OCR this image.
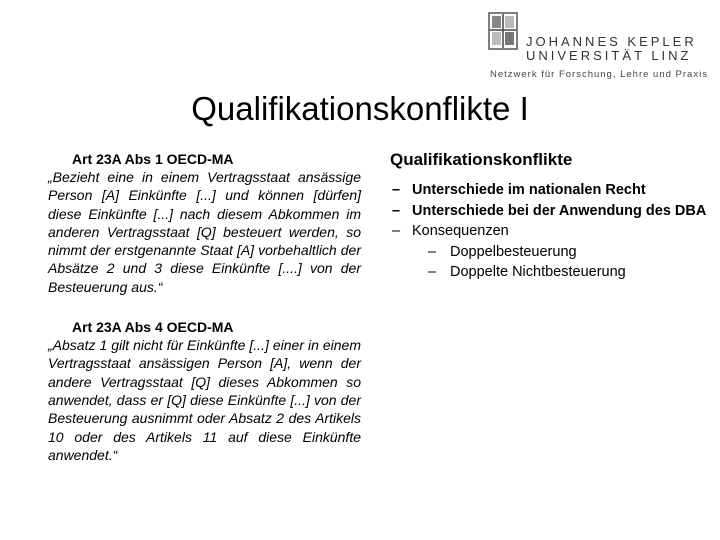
JOHANNES KEPLER
UNIVERSITÄT LINZ
Netzwerk für Forschung, Lehre und Praxis
Qualifikationskonflikte I
Art 23A Abs 1 OECD-MA

„Bezieht eine in einem Vertragsstaat ansässige Person [A] Einkünfte [...] und können [dürfen] diese Einkünfte [...] nach diesem Abkommen im anderen Vertragsstaat [Q] besteuert werden, so nimmt der erstgenannte Staat [A] vorbehaltlich der Absätze 2 und 3 diese Einkünfte [....] von der Besteuerung aus.“

Art 23A Abs 4 OECD-MA

„Absatz 1 gilt nicht für Einkünfte [...] einer in einem Vertragsstaat ansässigen Person [A], wenn der andere Vertragsstaat [Q] dieses Abkommen so anwendet, dass er [Q] diese Einkünfte [...] von der Besteuerung ausnimmt oder Absatz 2 des Artikels 10 oder des Artikels 11 auf diese Einkünfte anwendet.“

Qualifikationskonflikte
– Unterschiede im nationalen Recht
– Unterschiede bei der Anwendung des DBA
– Konsequenzen
– Doppelbesteuerung
– Doppelte Nichtbesteuerung
